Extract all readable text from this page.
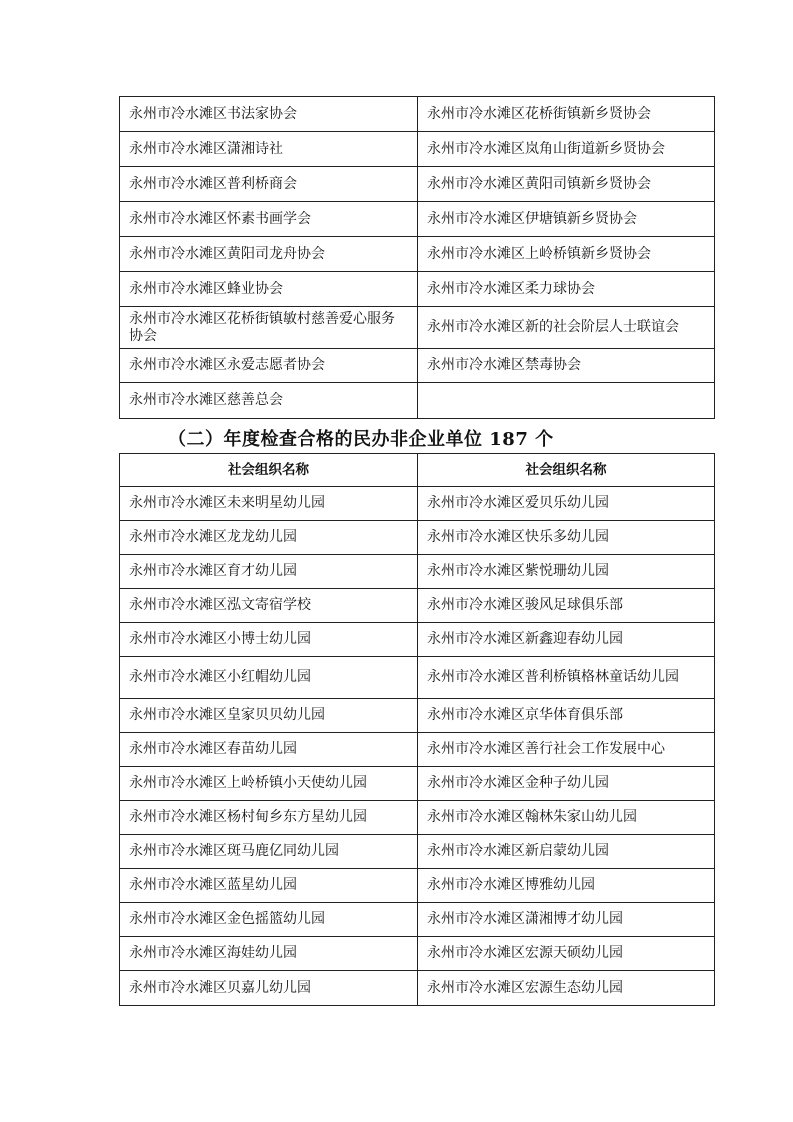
永州市冷水滩区书法家协会	永州市冷水滩区花桥街镇新乡贤协会
永州市冷水滩区潇湘诗社	永州市冷水滩区岚角山街道新乡贤协会
永州市冷水滩区普利桥商会	永州市冷水滩区黄阳司镇新乡贤协会
永州市冷水滩区怀素书画学会	永州市冷水滩区伊塘镇新乡贤协会
永州市冷水滩区黄阳司龙舟协会	永州市冷水滩区上岭桥镇新乡贤协会
永州市冷水滩区蜂业协会	永州市冷水滩区柔力球协会
永州市冷水滩区花桥街镇敏村慈善爱心服务协会	永州市冷水滩区新的社会阶层人士联谊会
永州市冷水滩区永爱志愿者协会	永州市冷水滩区禁毒协会
永州市冷水滩区慈善总会	
（二）年度检查合格的民办非企业单位 187 个
社会组织名称	社会组织名称
永州市冷水滩区未来明星幼儿园	永州市冷水滩区爱贝乐幼儿园
永州市冷水滩区龙龙幼儿园	永州市冷水滩区快乐多幼儿园
永州市冷水滩区育才幼儿园	永州市冷水滩区紫悦珊幼儿园
永州市冷水滩区泓文寄宿学校	永州市冷水滩区骏风足球俱乐部
永州市冷水滩区小博士幼儿园	永州市冷水滩区新鑫迎春幼儿园
永州市冷水滩区小红帽幼儿园	永州市冷水滩区普利桥镇格林童话幼儿园
永州市冷水滩区皇家贝贝幼儿园	永州市冷水滩区京华体育俱乐部
永州市冷水滩区春苗幼儿园	永州市冷水滩区善行社会工作发展中心
永州市冷水滩区上岭桥镇小天使幼儿园	永州市冷水滩区金种子幼儿园
永州市冷水滩区杨村甸乡东方星幼儿园	永州市冷水滩区翰林朱家山幼儿园
永州市冷水滩区斑马鹿亿同幼儿园	永州市冷水滩区新启蒙幼儿园
永州市冷水滩区蓝星幼儿园	永州市冷水滩区博雅幼儿园
永州市冷水滩区金色摇篮幼儿园	永州市冷水滩区潇湘博才幼儿园
永州市冷水滩区海娃幼儿园	永州市冷水滩区宏源天硕幼儿园
永州市冷水滩区贝嘉儿幼儿园	永州市冷水滩区宏源生态幼儿园
